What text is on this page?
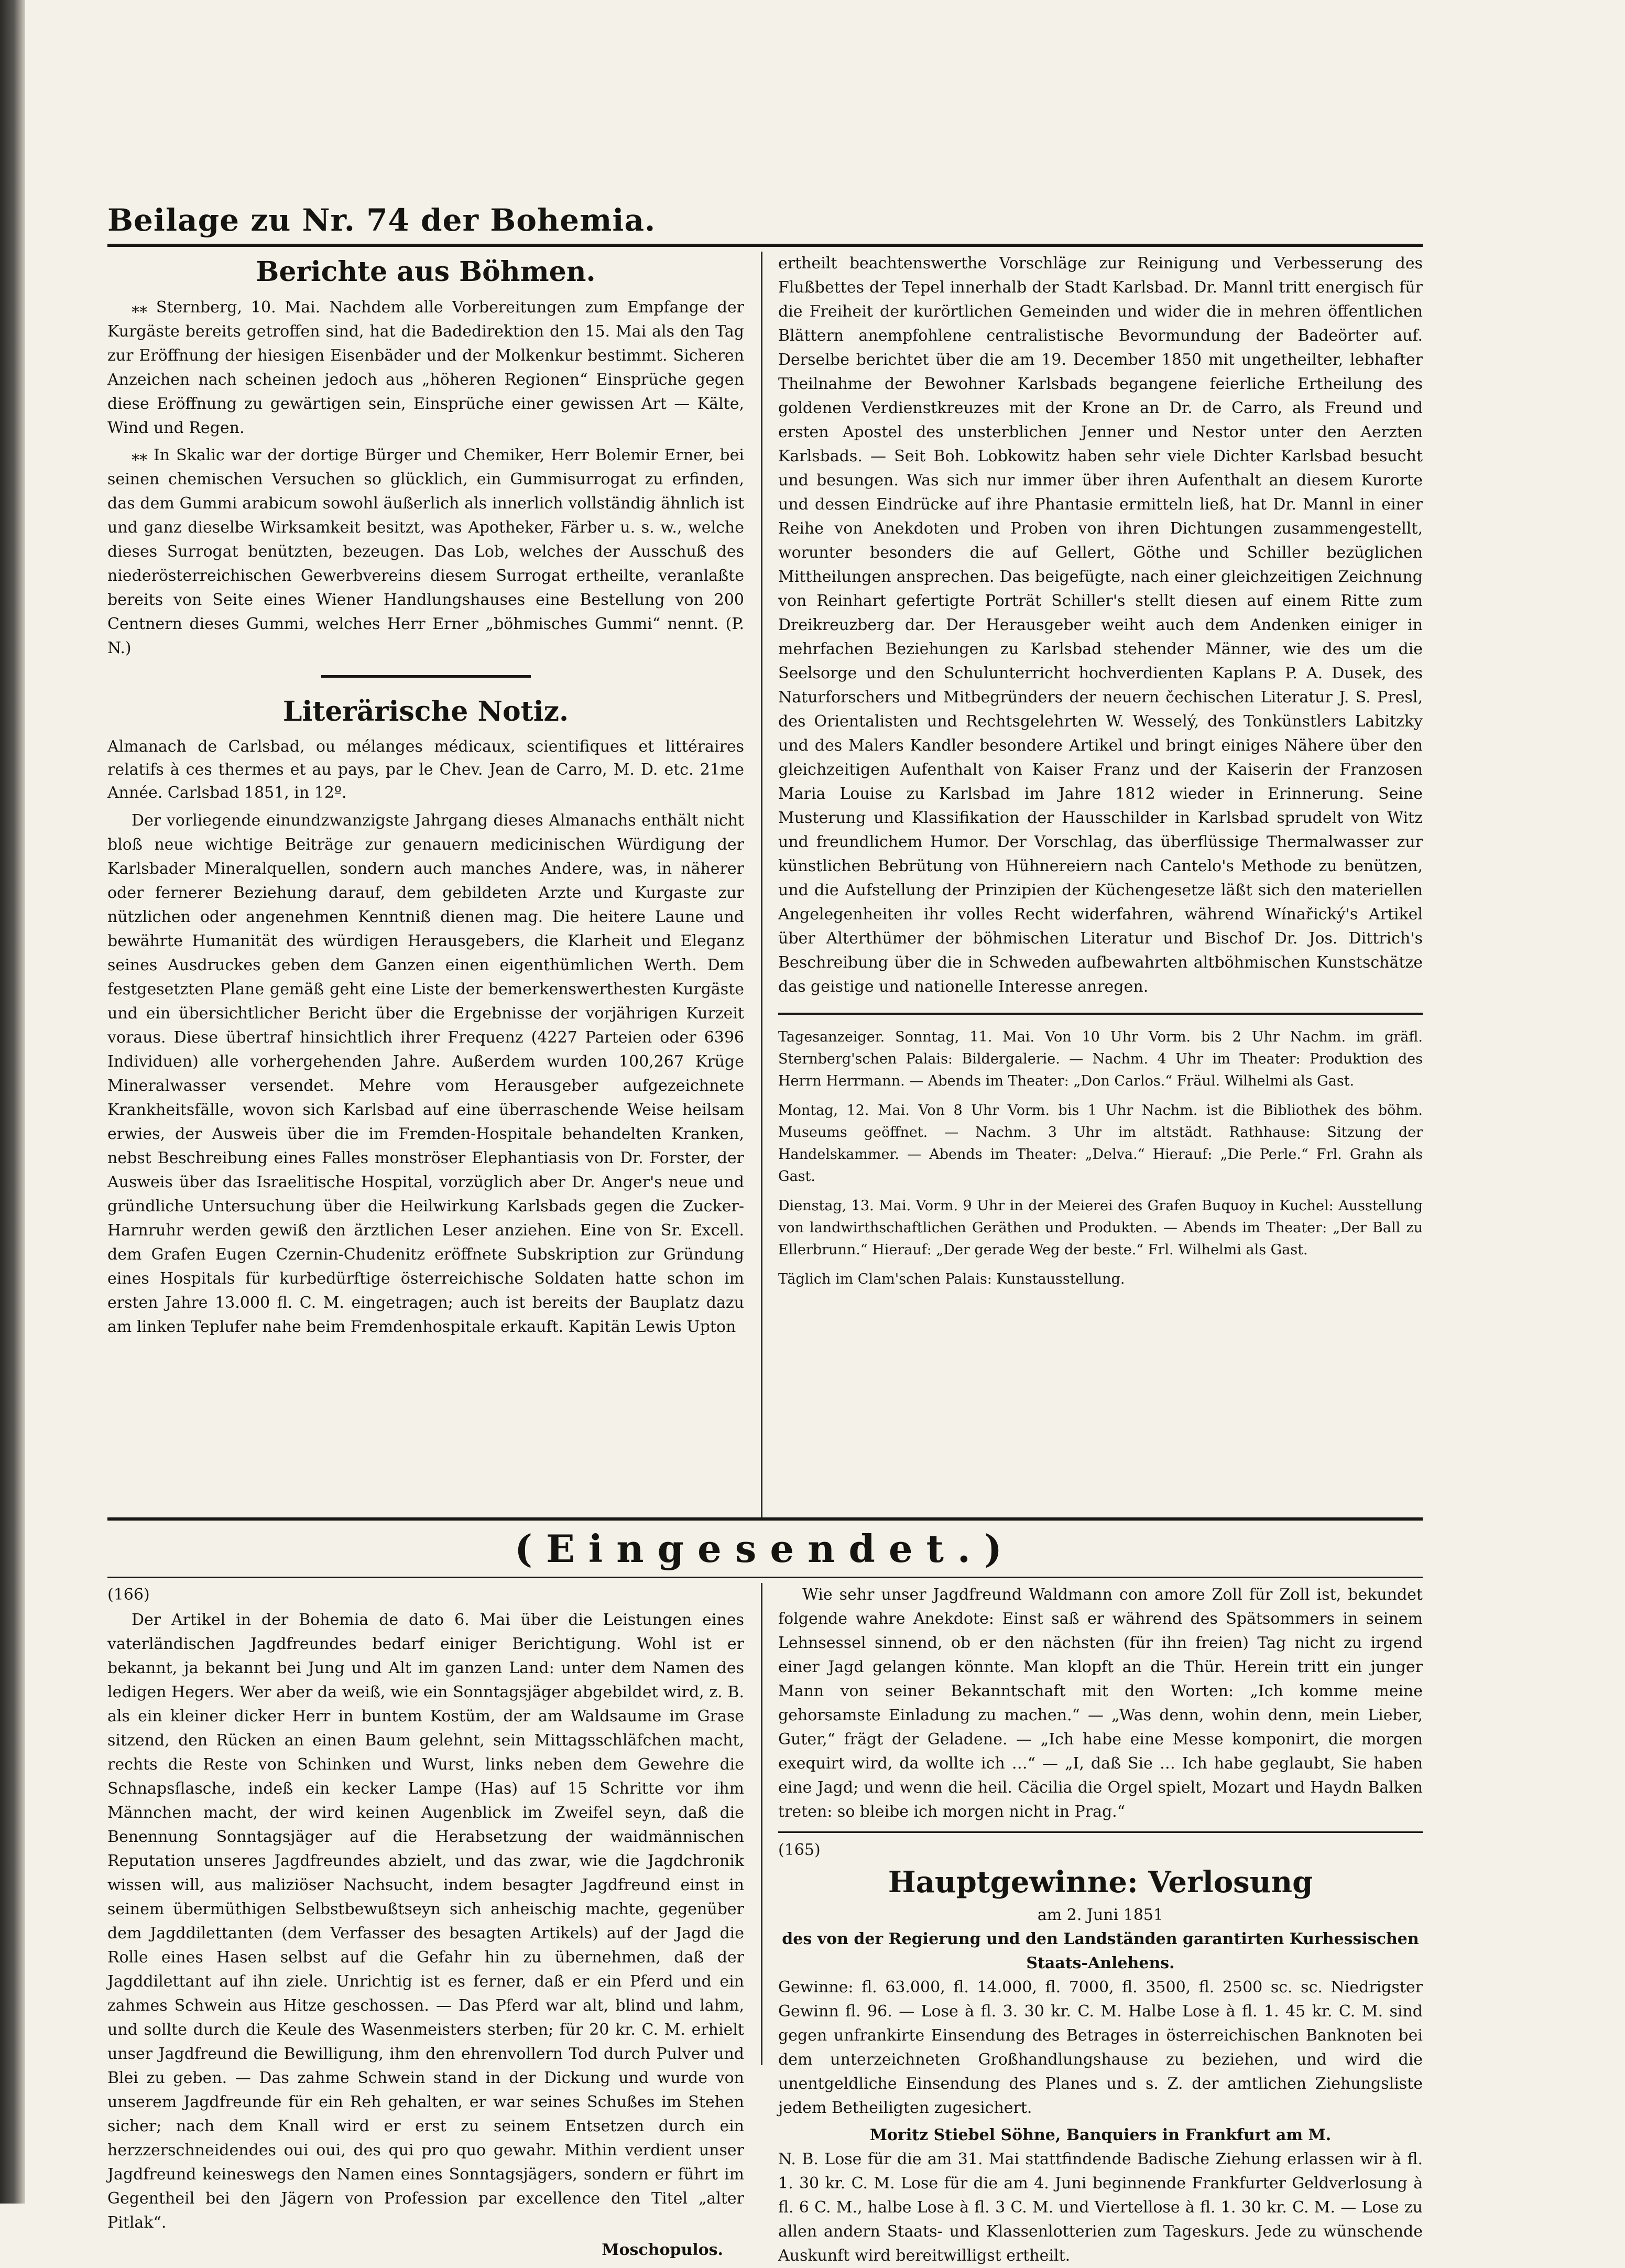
Beilage zu Nr. 74 der Bohemia.
Berichte aus Böhmen.

⁎⁎ Sternberg, 10. Mai. Nachdem alle Vorbereitungen zum Empfange der Kurgäste bereits getroffen sind, hat die Badedirektion den 15. Mai als den Tag zur Eröffnung der hiesigen Eisenbäder und der Molkenkur bestimmt. Sicheren Anzeichen nach scheinen jedoch aus „höheren Regionen“ Einsprüche gegen diese Eröffnung zu gewärtigen sein, Einsprüche einer gewissen Art — Kälte, Wind und Regen.

⁎⁎ In Skalic war der dortige Bürger und Chemiker, Herr Bolemir Erner, bei seinen chemischen Versuchen so glücklich, ein Gummisurrogat zu erfinden, das dem Gummi arabicum sowohl äußerlich als innerlich vollständig ähnlich ist und ganz dieselbe Wirksamkeit besitzt, was Apotheker, Färber u. s. w., welche dieses Surrogat benützten, bezeugen. Das Lob, welches der Ausschuß des niederösterreichischen Gewerbvereins diesem Surrogat ertheilte, veranlaßte bereits von Seite eines Wiener Handlungshauses eine Bestellung von 200 Centnern dieses Gummi, welches Herr Erner „böhmisches Gummi“ nennt. (P. N.)

Literärische Notiz.

Almanach de Carlsbad, ou mélanges médicaux, scientifiques et littéraires relatifs à ces thermes et au pays, par le Chev. Jean de Carro, M. D. etc. 21me Année. Carlsbad 1851, in 12º.

Der vorliegende einundzwanzigste Jahrgang dieses Almanachs enthält nicht bloß neue wichtige Beiträge zur genauern medicinischen Würdigung der Karlsbader Mineralquellen, sondern auch manches Andere, was, in näherer oder fernerer Beziehung darauf, dem gebildeten Arzte und Kurgaste zur nützlichen oder angenehmen Kenntniß dienen mag. Die heitere Laune und bewährte Humanität des würdigen Herausgebers, die Klarheit und Eleganz seines Ausdruckes geben dem Ganzen einen eigenthümlichen Werth. Dem festgesetzten Plane gemäß geht eine Liste der bemerkenswerthesten Kurgäste und ein übersichtlicher Bericht über die Ergebnisse der vorjährigen Kurzeit voraus. Diese übertraf hinsichtlich ihrer Frequenz (4227 Parteien oder 6396 Individuen) alle vorhergehenden Jahre. Außerdem wurden 100,267 Krüge Mineralwasser versendet. Mehre vom Herausgeber aufgezeichnete Krankheitsfälle, wovon sich Karlsbad auf eine überraschende Weise heilsam erwies, der Ausweis über die im Fremden-Hospitale behandelten Kranken, nebst Beschreibung eines Falles monströser Elephantiasis von Dr. Forster, der Ausweis über das Israelitische Hospital, vorzüglich aber Dr. Anger's neue und gründliche Untersuchung über die Heilwirkung Karlsbads gegen die Zucker-Harnruhr werden gewiß den ärztlichen Leser anziehen. Eine von Sr. Excell. dem Grafen Eugen Czernin-Chudenitz eröffnete Subskription zur Gründung eines Hospitals für kurbedürftige österreichische Soldaten hatte schon im ersten Jahre 13.000 fl. C. M. eingetragen; auch ist bereits der Bauplatz dazu am linken Teplufer nahe beim Fremdenhospitale erkauft. Kapitän Lewis Upton

ertheilt beachtenswerthe Vorschläge zur Reinigung und Verbesserung des Flußbettes der Tepel innerhalb der Stadt Karlsbad. Dr. Mannl tritt energisch für die Freiheit der kurörtlichen Gemeinden und wider die in mehren öffentlichen Blättern anempfohlene centralistische Bevormundung der Badeörter auf. Derselbe berichtet über die am 19. December 1850 mit ungetheilter, lebhafter Theilnahme der Bewohner Karlsbads begangene feierliche Ertheilung des goldenen Verdienstkreuzes mit der Krone an Dr. de Carro, als Freund und ersten Apostel des unsterblichen Jenner und Nestor unter den Aerzten Karlsbads. — Seit Boh. Lobkowitz haben sehr viele Dichter Karlsbad besucht und besungen. Was sich nur immer über ihren Aufenthalt an diesem Kurorte und dessen Eindrücke auf ihre Phantasie ermitteln ließ, hat Dr. Mannl in einer Reihe von Anekdoten und Proben von ihren Dichtungen zusammengestellt, worunter besonders die auf Gellert, Göthe und Schiller bezüglichen Mittheilungen ansprechen. Das beigefügte, nach einer gleichzeitigen Zeichnung von Reinhart gefertigte Porträt Schiller's stellt diesen auf einem Ritte zum Dreikreuzberg dar. Der Herausgeber weiht auch dem Andenken einiger in mehrfachen Beziehungen zu Karlsbad stehender Männer, wie des um die Seelsorge und den Schulunterricht hochverdienten Kaplans P. A. Dusek, des Naturforschers und Mitbegründers der neuern čechischen Literatur J. S. Presl, des Orientalisten und Rechtsgelehrten W. Wesselý, des Tonkünstlers Labitzky und des Malers Kandler besondere Artikel und bringt einiges Nähere über den gleichzeitigen Aufenthalt von Kaiser Franz und der Kaiserin der Franzosen Maria Louise zu Karlsbad im Jahre 1812 wieder in Erinnerung. Seine Musterung und Klassifikation der Hausschilder in Karlsbad sprudelt von Witz und freundlichem Humor. Der Vorschlag, das überflüssige Thermalwasser zur künstlichen Bebrütung von Hühnereiern nach Cantelo's Methode zu benützen, und die Aufstellung der Prinzipien der Küchengesetze läßt sich den materiellen Angelegenheiten ihr volles Recht widerfahren, während Wínařický's Artikel über Alterthümer der böhmischen Literatur und Bischof Dr. Jos. Dittrich's Beschreibung über die in Schweden aufbewahrten altböhmischen Kunstschätze das geistige und nationelle Interesse anregen.

Tagesanzeiger. Sonntag, 11. Mai. Von 10 Uhr Vorm. bis 2 Uhr Nachm. im gräfl. Sternberg'schen Palais: Bildergalerie. — Nachm. 4 Uhr im Theater: Produktion des Herrn Herrmann. — Abends im Theater: „Don Carlos.“ Fräul. Wilhelmi als Gast.

Montag, 12. Mai. Von 8 Uhr Vorm. bis 1 Uhr Nachm. ist die Bibliothek des böhm. Museums geöffnet. — Nachm. 3 Uhr im altstädt. Rathhause: Sitzung der Handelskammer. — Abends im Theater: „Delva.“ Hierauf: „Die Perle.“ Frl. Grahn als Gast.

Dienstag, 13. Mai. Vorm. 9 Uhr in der Meierei des Grafen Buquoy in Kuchel: Ausstellung von landwirthschaftlichen Geräthen und Produkten. — Abends im Theater: „Der Ball zu Ellerbrunn.“ Hierauf: „Der gerade Weg der beste.“ Frl. Wilhelmi als Gast.

Täglich im Clam'schen Palais: Kunstausstellung.

(Eingesendet.)

(166)

Der Artikel in der Bohemia de dato 6. Mai über die Leistungen eines vaterländischen Jagdfreundes bedarf einiger Berichtigung. Wohl ist er bekannt, ja bekannt bei Jung und Alt im ganzen Land: unter dem Namen des ledigen Hegers. Wer aber da weiß, wie ein Sonntagsjäger abgebildet wird, z. B. als ein kleiner dicker Herr in buntem Kostüm, der am Waldsaume im Grase sitzend, den Rücken an einen Baum gelehnt, sein Mittagsschläfchen macht, rechts die Reste von Schinken und Wurst, links neben dem Gewehre die Schnapsflasche, indeß ein kecker Lampe (Has) auf 15 Schritte vor ihm Männchen macht, der wird keinen Augenblick im Zweifel seyn, daß die Benennung Sonntagsjäger auf die Herabsetzung der waidmännischen Reputation unseres Jagdfreundes abzielt, und das zwar, wie die Jagdchronik wissen will, aus maliziöser Nachsucht, indem besagter Jagdfreund einst in seinem übermüthigen Selbstbewußtseyn sich anheischig machte, gegenüber dem Jagddilettanten (dem Verfasser des besagten Artikels) auf der Jagd die Rolle eines Hasen selbst auf die Gefahr hin zu übernehmen, daß der Jagddilettant auf ihn ziele. Unrichtig ist es ferner, daß er ein Pferd und ein zahmes Schwein aus Hitze geschossen. — Das Pferd war alt, blind und lahm, und sollte durch die Keule des Wasenmeisters sterben; für 20 kr. C. M. erhielt unser Jagdfreund die Bewilligung, ihm den ehrenvollern Tod durch Pulver und Blei zu geben. — Das zahme Schwein stand in der Dickung und wurde von unserem Jagdfreunde für ein Reh gehalten, er war seines Schußes im Stehen sicher; nach dem Knall wird er erst zu seinem Entsetzen durch ein herzzerschneidendes oui oui, des qui pro quo gewahr. Mithin verdient unser Jagdfreund keineswegs den Namen eines Sonntagsjägers, sondern er führt im Gegentheil bei den Jägern von Profession par excellence den Titel „alter Pitlak“.

Moschopulos.

Wie sehr unser Jagdfreund Waldmann con amore Zoll für Zoll ist, bekundet folgende wahre Anekdote: Einst saß er während des Spätsommers in seinem Lehnsessel sinnend, ob er den nächsten (für ihn freien) Tag nicht zu irgend einer Jagd gelangen könnte. Man klopft an die Thür. Herein tritt ein junger Mann von seiner Bekanntschaft mit den Worten: „Ich komme meine gehorsamste Einladung zu machen.“ — „Was denn, wohin denn, mein Lieber, Guter,“ frägt der Geladene. — „Ich habe eine Messe komponirt, die morgen exequirt wird, da wollte ich …“ — „I, daß Sie … Ich habe geglaubt, Sie haben eine Jagd; und wenn die heil. Cäcilia die Orgel spielt, Mozart und Haydn Balken treten: so bleibe ich morgen nicht in Prag.“

(165)

Hauptgewinne: Verlosung

am 2. Juni 1851

des von der Regierung und den Landständen garantirten Kurhessischen Staats-Anlehens.

Gewinne: fl. 63.000, fl. 14.000, fl. 7000, fl. 3500, fl. 2500 sc. sc. Niedrigster Gewinn fl. 96. — Lose à fl. 3. 30 kr. C. M. Halbe Lose à fl. 1. 45 kr. C. M. sind gegen unfrankirte Einsendung des Betrages in österreichischen Banknoten bei dem unterzeichneten Großhandlungshause zu beziehen, und wird die unentgeldliche Einsendung des Planes und s. Z. der amtlichen Ziehungsliste jedem Betheiligten zugesichert.

Moritz Stiebel Söhne, Banquiers in Frankfurt am M.

N. B. Lose für die am 31. Mai stattfindende Badische Ziehung erlassen wir à fl. 1. 30 kr. C. M. Lose für die am 4. Juni beginnende Frankfurter Geldverlosung à fl. 6 C. M., halbe Lose à fl. 3 C. M. und Viertellose à fl. 1. 30 kr. C. M. — Lose zu allen andern Staats- und Klassenlotterien zum Tageskurs. Jede zu wünschende Auskunft wird bereitwilligst ertheilt.
